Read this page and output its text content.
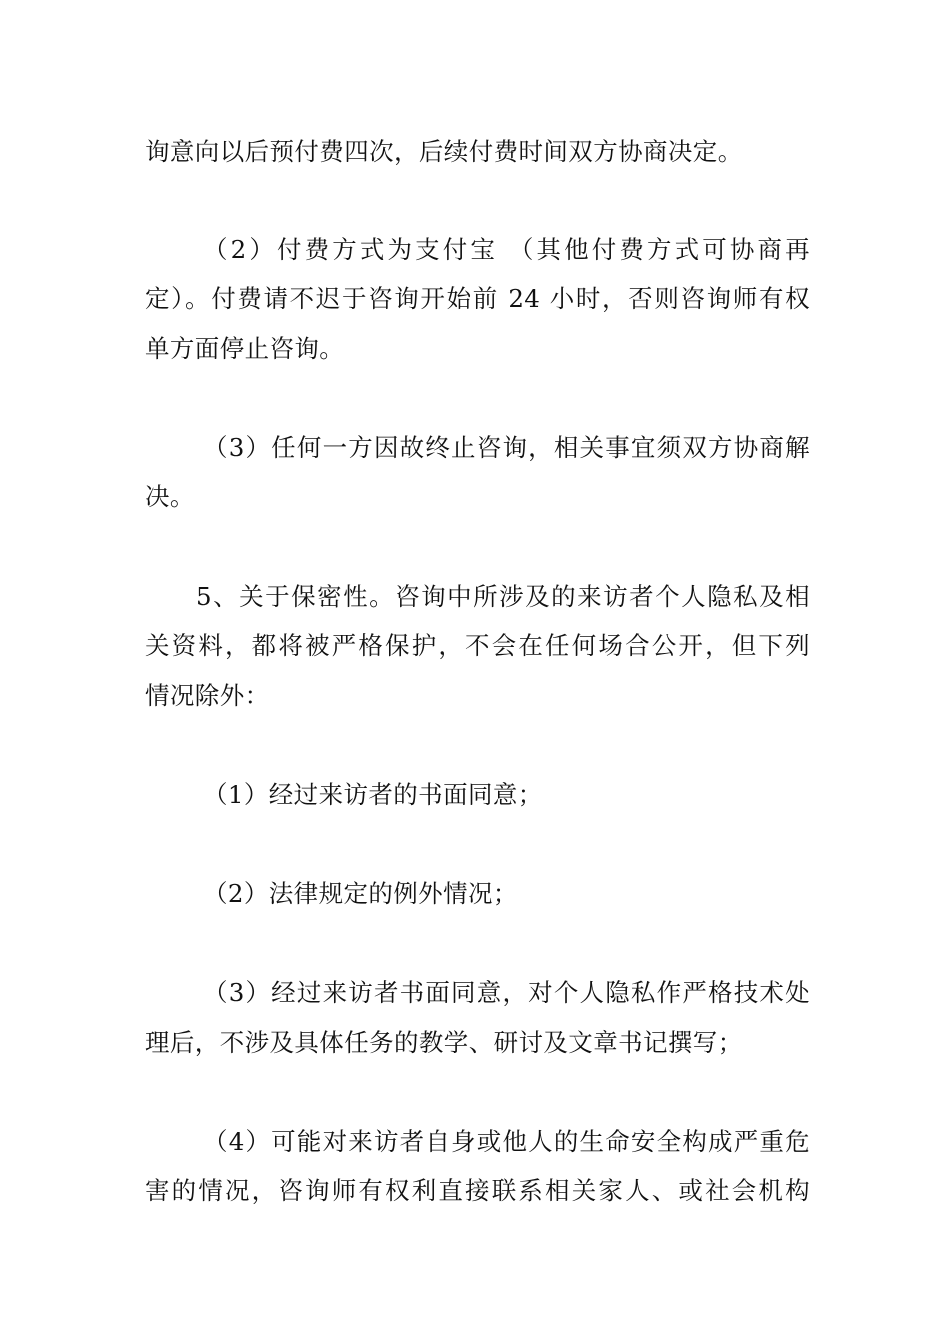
询意向以后预付费四次，后续付费时间双方协商决定。
（2）付费方式为支付宝 （其他付费方式可协商再
定）。付费请不迟于咨询开始前 24 小时，否则咨询师有权
单方面停止咨询。
（3）任何一方因故终止咨询，相关事宜须双方协商解
决。
5、关于保密性。咨询中所涉及的来访者个人隐私及相
关资料，都将被严格保护，不会在任何场合公开，但下列
情况除外：
（1）经过来访者的书面同意；
（2）法律规定的例外情况；
（3）经过来访者书面同意，对个人隐私作严格技术处
理后，不涉及具体任务的教学、研讨及文章书记撰写；
（4）可能对来访者自身或他人的生命安全构成严重危
害的情况，咨询师有权利直接联系相关家人、或社会机构
